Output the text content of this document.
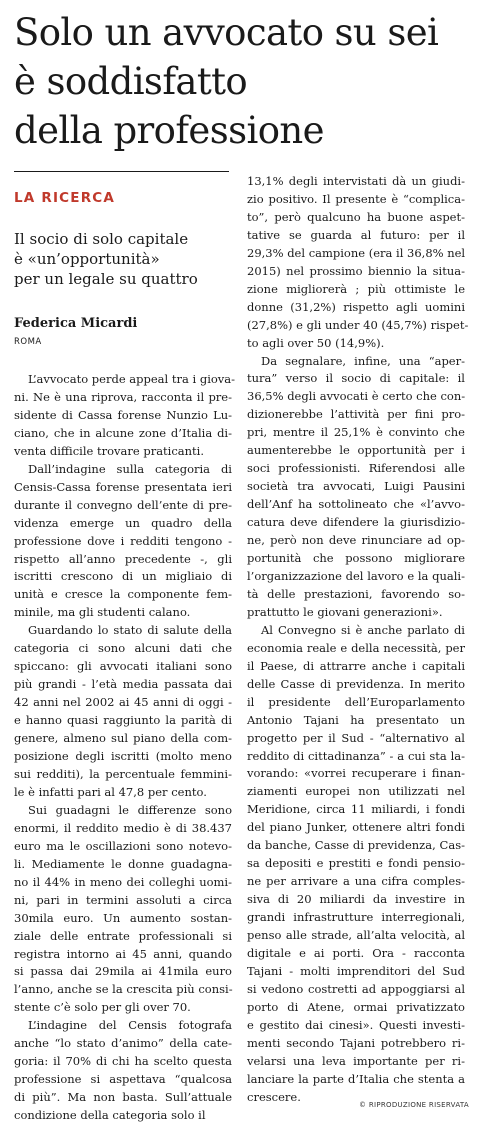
Solo un avvocato su sei
è soddisfatto
della professione
LA RICERCA
Il socio di solo capitale
è «un’opportunità»
per un legale su quattro
Federica Micardi
ROMA
L’avvocato perde appeal tra i giova-
ni. Ne è una riprova, racconta il pre-
sidente di Cassa forense Nunzio Lu-
ciano, che in alcune zone d’Italia di-
venta difficile trovare praticanti.
Dall’indagine sulla categoria di
Censis-Cassa forense presentata ieri
durante il convegno dell’ente di pre-
videnza emerge un quadro della
professione dove i redditi tengono -
rispetto all’anno precedente -, gli
iscritti crescono di un migliaio di
unità e cresce la componente fem-
minile, ma gli studenti calano.
Guardando lo stato di salute della
categoria ci sono alcuni dati che
spiccano: gli avvocati italiani sono
più grandi - l’età media passata dai
42 anni nel 2002 ai 45 anni di oggi -
e hanno quasi raggiunto la parità di
genere, almeno sul piano della com-
posizione degli iscritti (molto meno
sui redditi), la percentuale femmini-
le è infatti pari al 47,8 per cento.
Sui guadagni le differenze sono
enormi, il reddito medio è di 38.437
euro ma le oscillazioni sono notevo-
li. Mediamente le donne guadagna-
no il 44% in meno dei colleghi uomi-
ni, pari in termini assoluti a circa
30mila euro. Un aumento sostan-
ziale delle entrate professionali si
registra intorno ai 45 anni, quando
si passa dai 29mila ai 41mila euro
l’anno, anche se la crescita più consi-
stente c’è solo per gli over 70.
L’indagine del Censis fotografa
anche “lo stato d’animo” della cate-
goria: il 70% di chi ha scelto questa
professione si aspettava “qualcosa
di più”. Ma non basta. Sull’attuale
condizione della categoria solo il
13,1% degli intervistati dà un giudi-
zio positivo. Il presente è “complica-
to”, però qualcuno ha buone aspet-
tative se guarda al futuro: per il
29,3% del campione (era il 36,8% nel
2015) nel prossimo biennio la situa-
zione migliorerà ; più ottimiste le
donne (31,2%) rispetto agli uomini
(27,8%) e gli under 40 (45,7%) rispet-
to agli over 50 (14,9%).
Da segnalare, infine, una “aper-
tura” verso il socio di capitale: il
36,5% degli avvocati è certo che con-
dizionerebbe l’attività per fini pro-
pri, mentre il 25,1% è convinto che
aumenterebbe le opportunità per i
soci professionisti. Riferendosi alle
società tra avvocati, Luigi Pausini
dell’Anf ha sottolineato che «l’avvo-
catura deve difendere la giurisdizio-
ne, però non deve rinunciare ad op-
portunità che possono migliorare
l’organizzazione del lavoro e la quali-
tà delle prestazioni, favorendo so-
prattutto le giovani generazioni».
Al Convegno si è anche parlato di
economia reale e della necessità, per
il Paese, di attrarre anche i capitali
delle Casse di previdenza. In merito
il presidente dell’Europarlamento
Antonio Tajani ha presentato un
progetto per il Sud - “alternativo al
reddito di cittadinanza” - a cui sta la-
vorando: «vorrei recuperare i finan-
ziamenti europei non utilizzati nel
Meridione, circa 11 miliardi, i fondi
del piano Junker, ottenere altri fondi
da banche, Casse di previdenza, Cas-
sa depositi e prestiti e fondi pensio-
ne per arrivare a una cifra comples-
siva di 20 miliardi da investire in
grandi infrastrutture interregionali,
penso alle strade, all’alta velocità, al
digitale e ai porti. Ora - racconta
Tajani - molti imprenditori del Sud
si vedono costretti ad appoggiarsi al
porto di Atene, ormai privatizzato
e gestito dai cinesi». Questi investi-
menti secondo Tajani potrebbero ri-
velarsi una leva importante per ri-
lanciare la parte d’Italia che stenta a
crescere.
© RIPRODUZIONE RISERVATA
